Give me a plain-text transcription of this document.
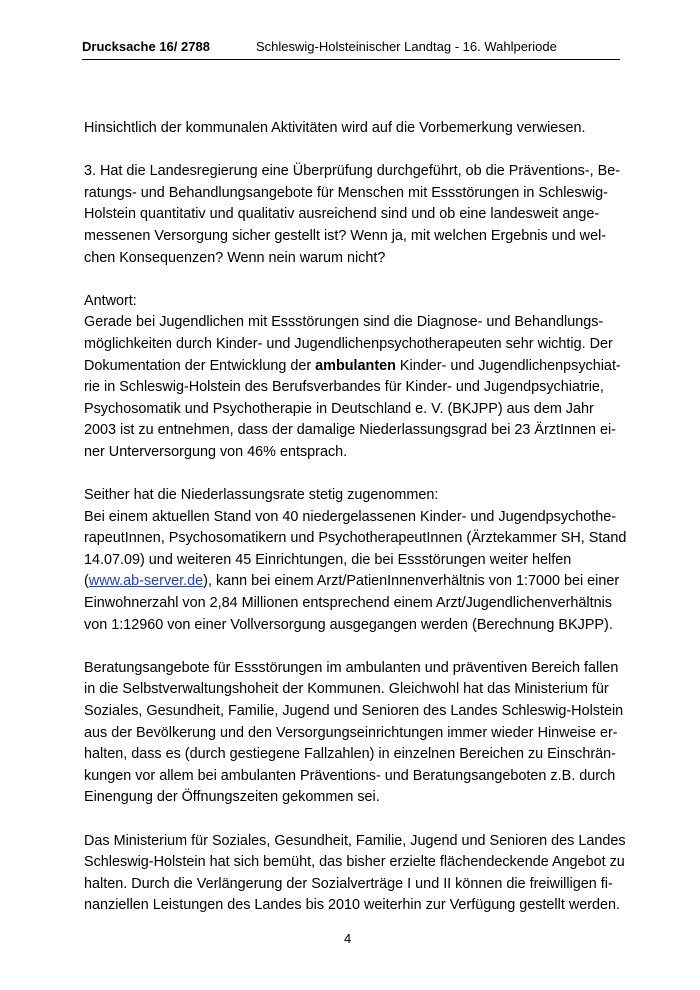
Drucksache 16/ 2788	Schleswig-Holsteinischer Landtag - 16. Wahlperiode
Hinsichtlich der kommunalen Aktivitäten wird auf die Vorbemerkung verwiesen.
3. Hat die Landesregierung eine Überprüfung durchgeführt, ob die Präventions-, Be-
ratungs- und Behandlungsangebote für Menschen mit Essstörungen in Schleswig-
Holstein quantitativ und qualitativ ausreichend sind und ob eine landesweit ange-
messenen Versorgung sicher gestellt ist? Wenn ja, mit welchen Ergebnis und wel-
chen Konsequenzen? Wenn nein warum nicht?
Antwort:
Gerade bei Jugendlichen mit Essstörungen sind die Diagnose- und Behandlungs-
möglichkeiten durch Kinder- und Jugendlichenpsychotherapeuten sehr wichtig. Der
Dokumentation der Entwicklung der ambulanten Kinder- und Jugendlichenpsychiat-
rie in Schleswig-Holstein des Berufsverbandes für Kinder- und Jugendpsychiatrie,
Psychosomatik und Psychotherapie in Deutschland e. V. (BKJPP) aus dem Jahr
2003 ist zu entnehmen, dass der damalige Niederlassungsgrad bei 23 ÄrztInnen ei-
ner Unterversorgung von 46% entsprach.
Seither hat die Niederlassungsrate stetig zugenommen:
Bei einem aktuellen Stand von 40 niedergelassenen Kinder- und Jugendpsychothe-
rapeutInnen, Psychosomatikern und PsychotherapeutInnen (Ärztekammer SH, Stand
14.07.09) und weiteren 45 Einrichtungen, die bei Essstörungen weiter helfen
(www.ab-server.de), kann bei einem Arzt/PatienInnenverhältnis von 1:7000 bei einer
Einwohnerzahl von 2,84 Millionen entsprechend einem Arzt/Jugendlichenverhältnis
von 1:12960 von einer Vollversorgung ausgegangen werden (Berechnung BKJPP).
Beratungsangebote für Essstörungen im ambulanten und präventiven Bereich fallen
in die Selbstverwaltungshoheit der Kommunen. Gleichwohl hat das Ministerium für
Soziales, Gesundheit, Familie, Jugend und Senioren des Landes Schleswig-Holstein
aus der Bevölkerung und den Versorgungseinrichtungen immer wieder Hinweise er-
halten, dass es (durch gestiegene Fallzahlen) in einzelnen Bereichen zu Einschrän-
kungen vor allem bei ambulanten Präventions- und Beratungsangeboten z.B. durch
Einengung der Öffnungszeiten gekommen sei.
Das Ministerium für Soziales, Gesundheit, Familie, Jugend und Senioren des Landes
Schleswig-Holstein hat sich bemüht, das bisher erzielte flächendeckende Angebot zu
halten. Durch die Verlängerung der Sozialverträge I und II können die freiwilligen fi-
nanziellen Leistungen des Landes bis 2010 weiterhin zur Verfügung gestellt werden.
4
